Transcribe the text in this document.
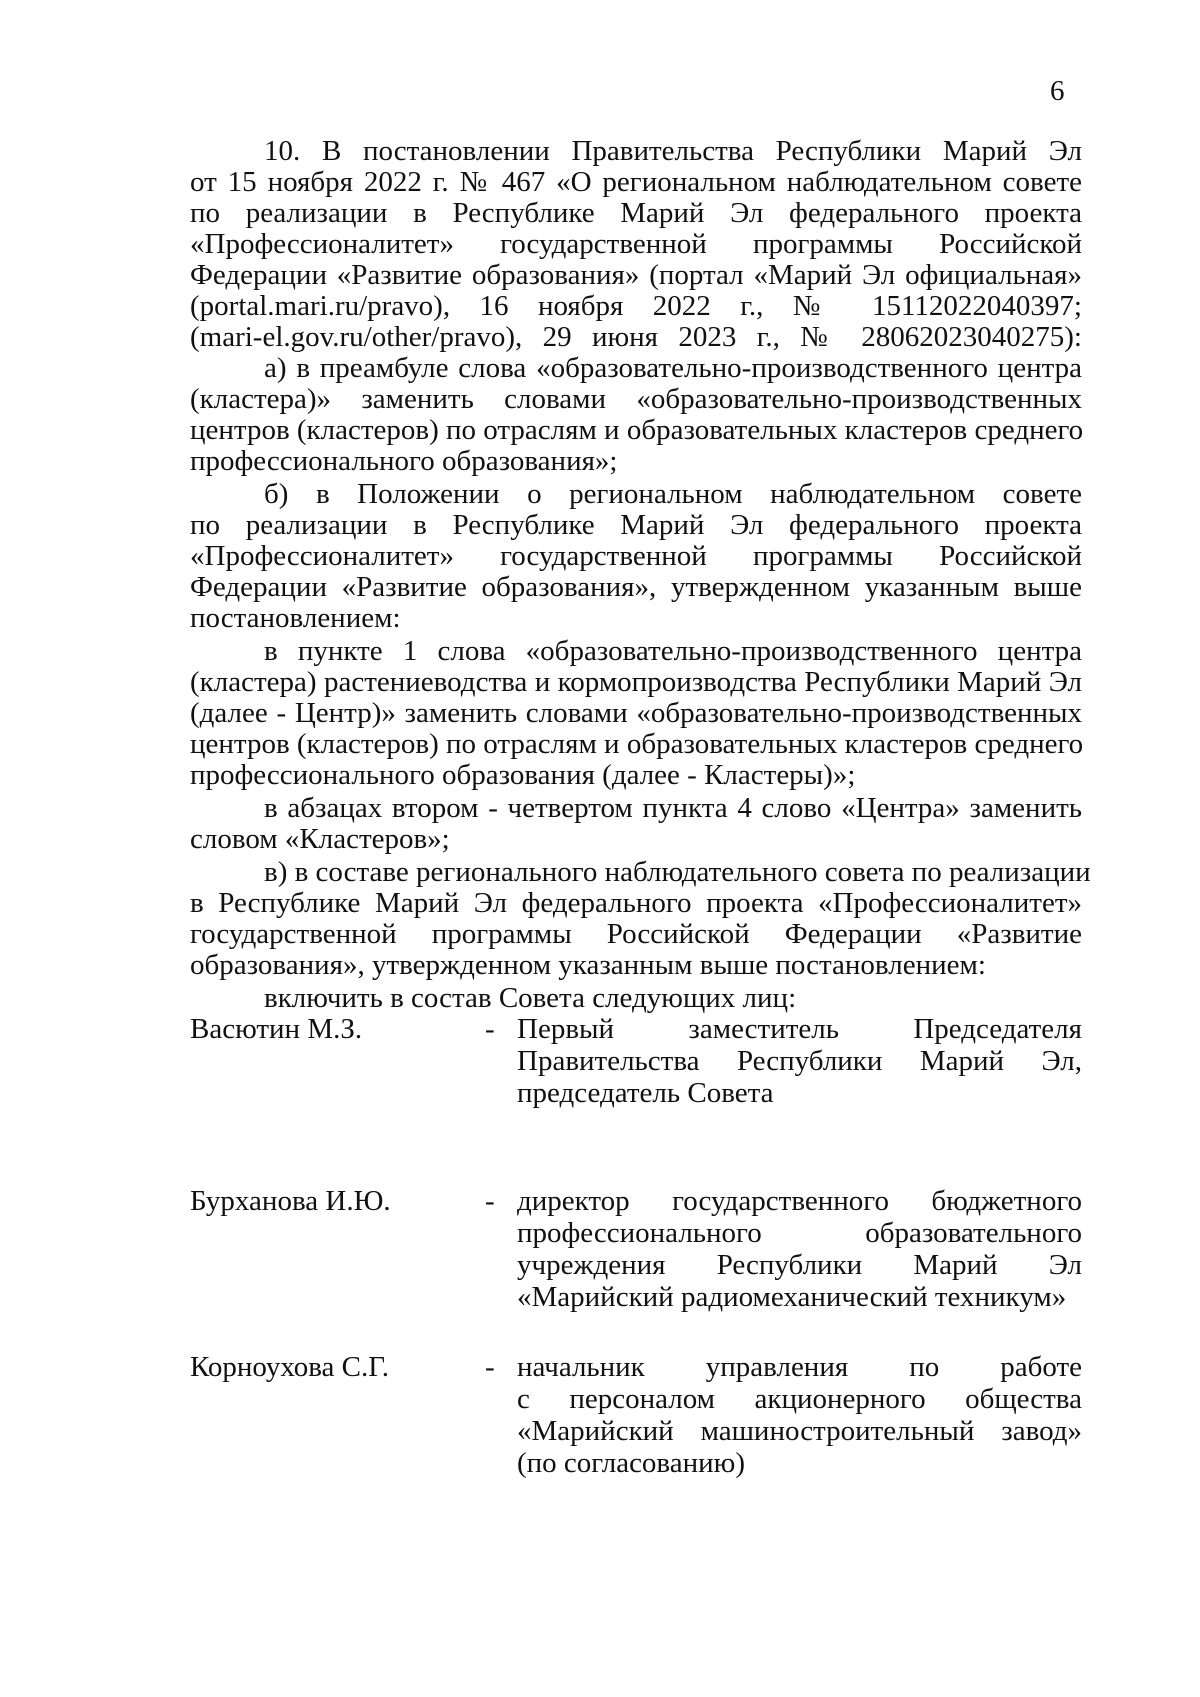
6
10. В постановлении Правительства Республики Марий Эл
от 15 ноября 2022 г. № 467 «О региональном наблюдательном совете
по реализации в Республике Марий Эл федерального проекта
«Профессионалитет» государственной программы Российской
Федерации «Развитие образования» (портал «Марий Эл официальная»
(portal.mari.ru/pravo), 16 ноября 2022 г., № 15112022040397;
(mari-el.gov.ru/other/pravo), 29 июня 2023 г., № 28062023040275):
а) в преамбуле слова «образовательно-производственного центра
(кластера)» заменить словами «образовательно-производственных
центров (кластеров) по отраслям и образовательных кластеров среднего
профессионального образования»;
б) в Положении о региональном наблюдательном совете
по реализации в Республике Марий Эл федерального проекта
«Профессионалитет» государственной программы Российской
Федерации «Развитие образования», утвержденном указанным выше
постановлением:
в пункте 1 слова «образовательно-производственного центра
(кластера) растениеводства и кормопроизводства Республики Марий Эл
(далее - Центр)» заменить словами «образовательно-производственных
центров (кластеров) по отраслям и образовательных кластеров среднего
профессионального образования (далее - Кластеры)»;
в абзацах втором - четвертом пункта 4 слово «Центра» заменить
словом «Кластеров»;
в) в составе регионального наблюдательного совета по реализации
в Республике Марий Эл федерального проекта «Профессионалитет»
государственной программы Российской Федерации «Развитие
образования», утвержденном указанным выше постановлением:
включить в состав Совета следующих лиц:
Васютин М.З.	- Первый заместитель Председателя
Правительства Республики Марий Эл,
председатель Совета
Бурханова И.Ю.	- директор государственного бюджетного
профессионального образовательного
учреждения Республики Марий Эл
«Марийский радиомеханический техникум»
Корноухова С.Г.	- начальник управления по работе
с персоналом акционерного общества
«Марийский машиностроительный завод»
(по согласованию)
